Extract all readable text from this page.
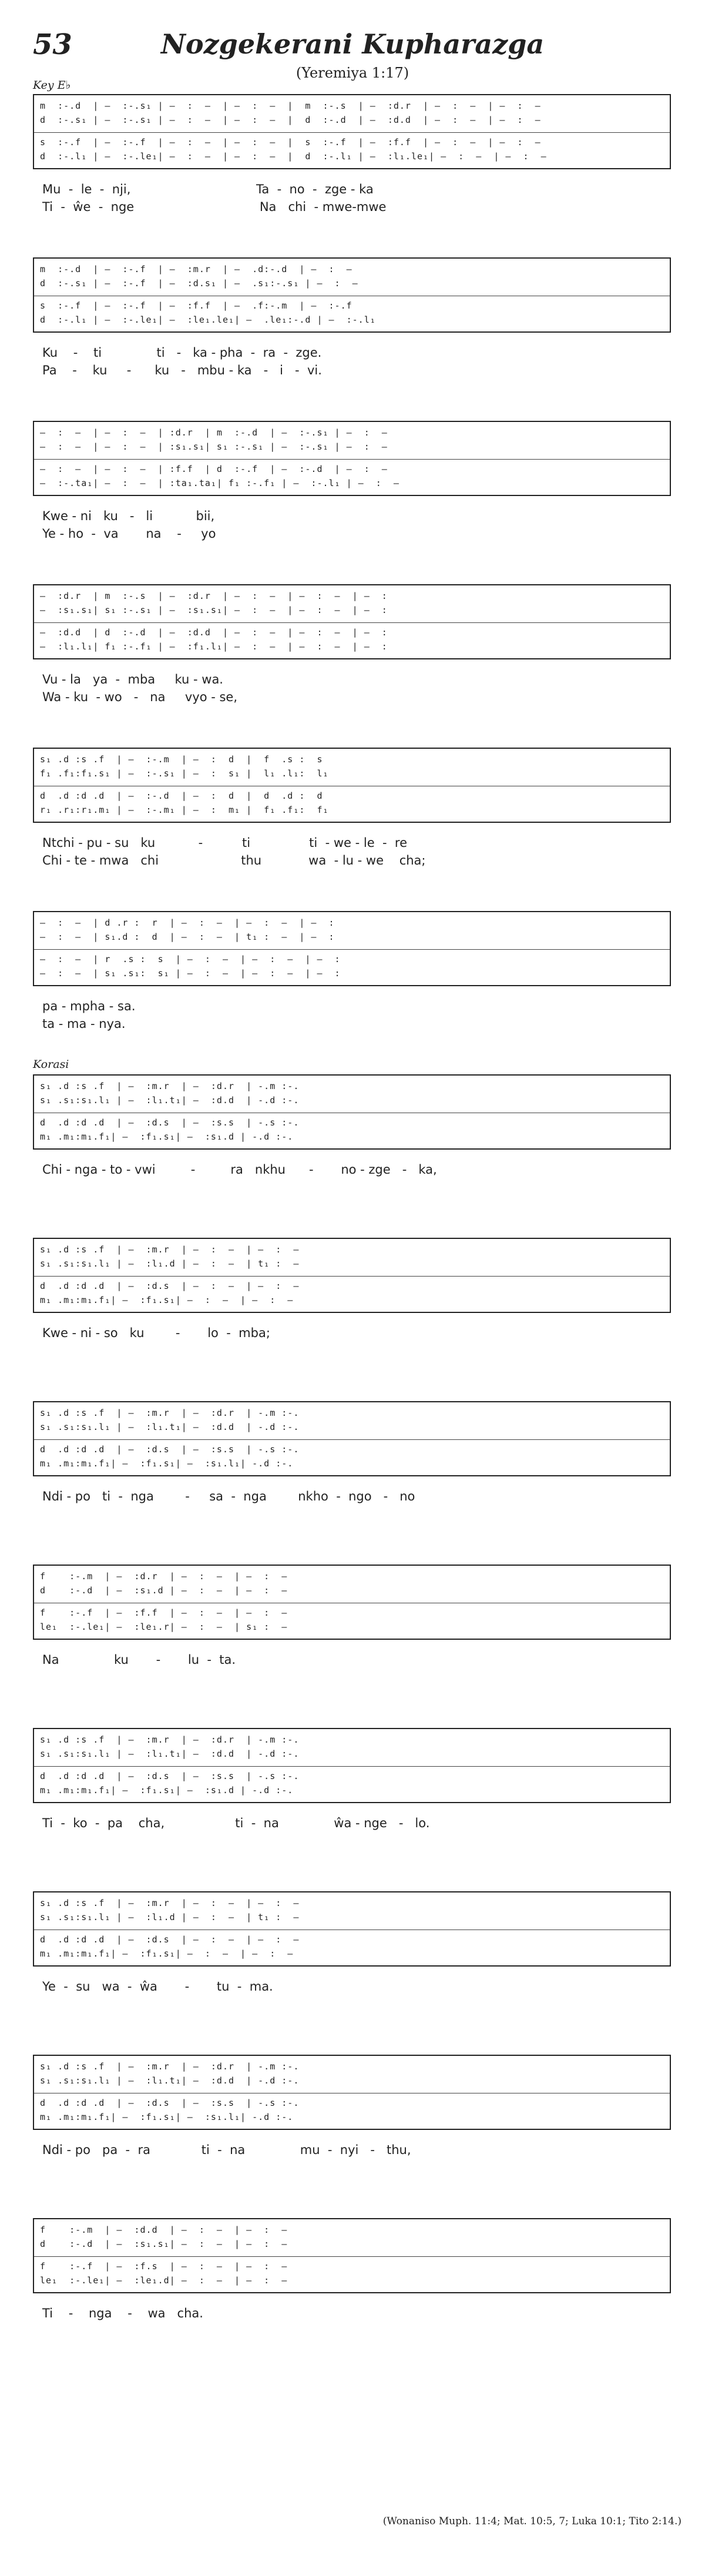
53	Nozgekerani Kupharazga
(Yeremiya 1:17)
Key E♭
Korasi
m  :-.d  | —  :-.s₁ | —  :  —  | —  :  —  |  m  :-.s  | —  :d.r  | —  :  —  | —  :  —
d  :-.s₁ | —  :-.s₁ | —  :  —  | —  :  —  |  d  :-.d  | —  :d.d  | —  :  —  | —  :  —
s  :-.f  | —  :-.f  | —  :  —  | —  :  —  |  s  :-.f  | —  :f.f  | —  :  —  | —  :  —
d  :-.l₁ | —  :-.le₁| —  :  —  | —  :  —  |  d  :-.l₁ | —  :l₁.le₁| —  :  —  | —  :  —
Mu  -  le  -  nji,                                Ta  -  no  -  zge - ka
Ti  -  ŵe  -  nge                                Na   chi  - mwe-mwe
m  :-.d  | —  :-.f  | —  :m.r  | —  .d:-.d  | —  :  —
d  :-.s₁ | —  :-.f  | —  :d.s₁ | —  .s₁:-.s₁ | —  :  —
s  :-.f  | —  :-.f  | —  :f.f  | —  .f:-.m  | —  :-.f
d  :-.l₁ | —  :-.le₁| —  :le₁.le₁| —  .le₁:-.d | —  :-.l₁
Ku    -    ti              ti   -   ka - pha  -  ra  -  zge.
Pa    -    ku     -      ku   -   mbu - ka   -   i   -  vi.
—  :  —  | —  :  —  | :d.r  | m  :-.d  | —  :-.s₁ | —  :  —
—  :  —  | —  :  —  | :s₁.s₁| s₁ :-.s₁ | —  :-.s₁ | —  :  —
—  :  —  | —  :  —  | :f.f  | d  :-.f  | —  :-.d  | —  :  —
—  :-.ta₁| —  :  —  | :ta₁.ta₁| f₁ :-.f₁ | —  :-.l₁ | —  :  —
Kwe - ni   ku   -   li           bii,
Ye - ho  -  va       na    -     yo
—  :d.r  | m  :-.s  | —  :d.r  | —  :  —  | —  :  —  | —  :
—  :s₁.s₁| s₁ :-.s₁ | —  :s₁.s₁| —  :  —  | —  :  —  | —  :
—  :d.d  | d  :-.d  | —  :d.d  | —  :  —  | —  :  —  | —  :
—  :l₁.l₁| f₁ :-.f₁ | —  :f₁.l₁| —  :  —  | —  :  —  | —  :
Vu - la   ya  -  mba     ku - wa.
Wa - ku  - wo   -   na     vyo - se,
s₁ .d :s .f  | —  :-.m  | —  :  d  |  f  .s :  s
f₁ .f₁:f₁.s₁ | —  :-.s₁ | —  :  s₁ |  l₁ .l₁:  l₁
d  .d :d .d  | —  :-.d  | —  :  d  |  d  .d :  d
r₁ .r₁:r₁.m₁ | —  :-.m₁ | —  :  m₁ |  f₁ .f₁:  f₁
Ntchi - pu - su   ku           -          ti               ti  - we - le  -  re
Chi - te - mwa   chi                     thu            wa  - lu - we    cha;
—  :  —  | d .r :  r  | —  :  —  | —  :  —  | —  :
—  :  —  | s₁.d :  d  | —  :  —  | t₁ :  —  | —  :
—  :  —  | r  .s :  s  | —  :  —  | —  :  —  | —  :
—  :  —  | s₁ .s₁:  s₁ | —  :  —  | —  :  —  | —  :
pa - mpha - sa.
ta - ma - nya.
s₁ .d :s .f  | —  :m.r  | —  :d.r  | -.m :-.
s₁ .s₁:s₁.l₁ | —  :l₁.t₁| —  :d.d  | -.d :-.
d  .d :d .d  | —  :d.s  | —  :s.s  | -.s :-.
m₁ .m₁:m₁.f₁| —  :f₁.s₁| —  :s₁.d | -.d :-.
Chi - nga - to - vwi         -         ra   nkhu      -       no - zge   -   ka,
s₁ .d :s .f  | —  :m.r  | —  :  —  | —  :  —
s₁ .s₁:s₁.l₁ | —  :l₁.d | —  :  —  | t₁ :  —
d  .d :d .d  | —  :d.s  | —  :  —  | —  :  —
m₁ .m₁:m₁.f₁| —  :f₁.s₁| —  :  —  | —  :  —
Kwe - ni - so   ku        -       lo  -  mba;
s₁ .d :s .f  | —  :m.r  | —  :d.r  | -.m :-.
s₁ .s₁:s₁.l₁ | —  :l₁.t₁| —  :d.d  | -.d :-.
d  .d :d .d  | —  :d.s  | —  :s.s  | -.s :-.
m₁ .m₁:m₁.f₁| —  :f₁.s₁| —  :s₁.l₁| -.d :-.
Ndi - po   ti  -  nga        -     sa  -  nga        nkho  -  ngo   -   no
f    :-.m  | —  :d.r  | —  :  —  | —  :  —
d    :-.d  | —  :s₁.d | —  :  —  | —  :  —
f    :-.f  | —  :f.f  | —  :  —  | —  :  —
le₁  :-.le₁| —  :le₁.r| —  :  —  | s₁ :  —
Na              ku       -       lu  -  ta.
s₁ .d :s .f  | —  :m.r  | —  :d.r  | -.m :-.
s₁ .s₁:s₁.l₁ | —  :l₁.t₁| —  :d.d  | -.d :-.
d  .d :d .d  | —  :d.s  | —  :s.s  | -.s :-.
m₁ .m₁:m₁.f₁| —  :f₁.s₁| —  :s₁.d | -.d :-.
Ti  -  ko  -  pa    cha,                  ti  -  na              ŵa - nge   -   lo.
s₁ .d :s .f  | —  :m.r  | —  :  —  | —  :  —
s₁ .s₁:s₁.l₁ | —  :l₁.d | —  :  —  | t₁ :  —
d  .d :d .d  | —  :d.s  | —  :  —  | —  :  —
m₁ .m₁:m₁.f₁| —  :f₁.s₁| —  :  —  | —  :  —
Ye  -  su   wa  -  ŵa       -       tu  -  ma.
s₁ .d :s .f  | —  :m.r  | —  :d.r  | -.m :-.
s₁ .s₁:s₁.l₁ | —  :l₁.t₁| —  :d.d  | -.d :-.
d  .d :d .d  | —  :d.s  | —  :s.s  | -.s :-.
m₁ .m₁:m₁.f₁| —  :f₁.s₁| —  :s₁.l₁| -.d :-.
Ndi - po   pa  -  ra             ti  -  na              mu  -  nyi   -   thu,
f    :-.m  | —  :d.d  | —  :  —  | —  :  —
d    :-.d  | —  :s₁.s₁| —  :  —  | —  :  —
f    :-.f  | —  :f.s  | —  :  —  | —  :  —
le₁  :-.le₁| —  :le₁.d| —  :  —  | —  :  —
Ti    -    nga    -    wa   cha.
(Wonaniso Muph. 11:4; Mat. 10:5, 7; Luka 10:1; Tito 2:14.)
